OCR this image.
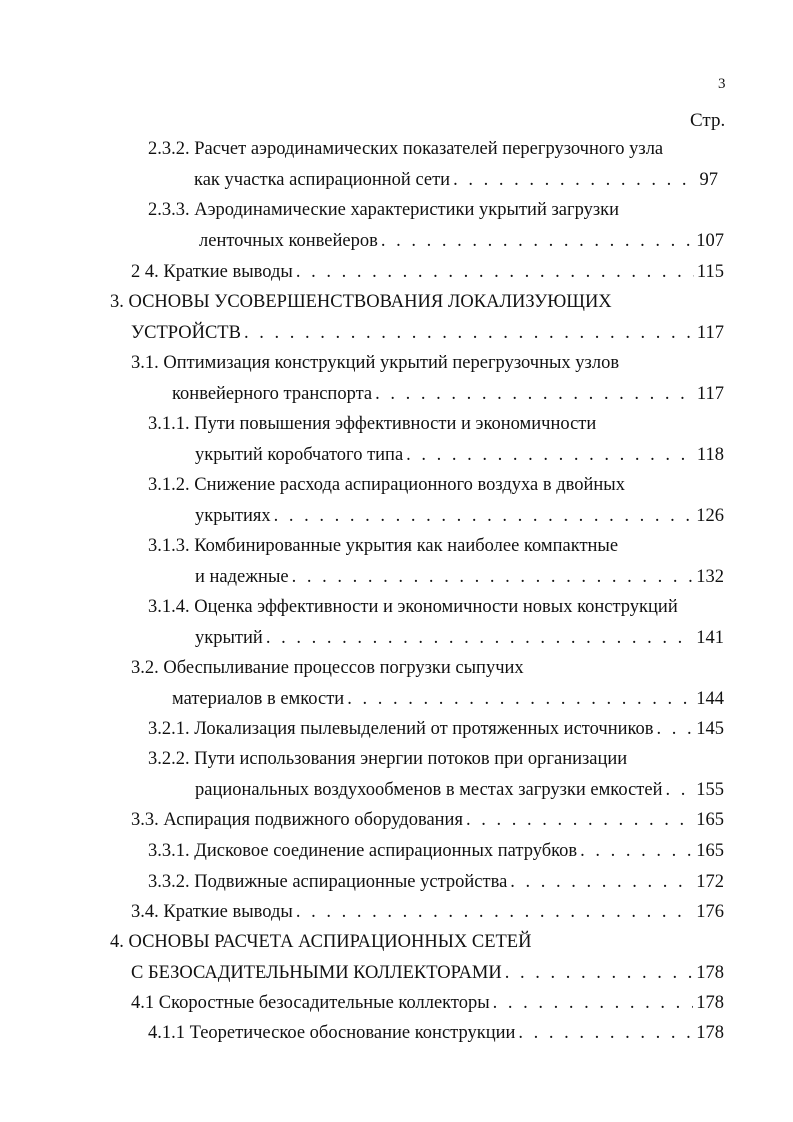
3
Стр.
2.3.2. Расчет аэродинамических показателей перегрузочного узла
как участка аспирационной сети . . .	97
2.3.3. Аэродинамические характеристики укрытий загрузки
ленточных конвейеров . . .	107
2 4. Краткие выводы . . .	115
3. ОСНОВЫ УСОВЕРШЕНСТВОВАНИЯ ЛОКАЛИЗУЮЩИХ
УСТРОЙСТВ . . .	117
3.1. Оптимизация конструкций укрытий перегрузочных узлов
конвейерного транспорта . . .	117
3.1.1. Пути повышения эффективности и экономичности
укрытий коробчатого типа . . .	118
3.1.2. Снижение расхода аспирационного воздуха в двойных
укрытиях . . .	126
3.1.3. Комбинированные укрытия как наиболее компактные
и надежные . . .	132
3.1.4. Оценка эффективности и экономичности новых конструкций
укрытий . . .	141
3.2. Обеспыливание процессов погрузки сыпучих
материалов в емкости . . .	144
3.2.1. Локализация пылевыделений от протяженных источников . . . 145
3.2.2. Пути использования энергии потоков при организации
рациональных воздухообменов в местах загрузки емкостей . . . 155
3.3. Аспирация подвижного оборудования . . .	165
3.3.1. Дисковое соединение аспирационных патрубков . . .	165
3.3.2. Подвижные аспирационные устройства . . .	172
3.4. Краткие выводы . . .	176
4. ОСНОВЫ РАСЧЕТА АСПИРАЦИОННЫХ СЕТЕЙ
С БЕЗОСАДИТЕЛЬНЫМИ КОЛЛЕКТОРАМИ . . .	178
4.1 Скоростные безосадительные коллекторы . . .	178
4.1.1 Теоретическое обоснование конструкции . . .	178
